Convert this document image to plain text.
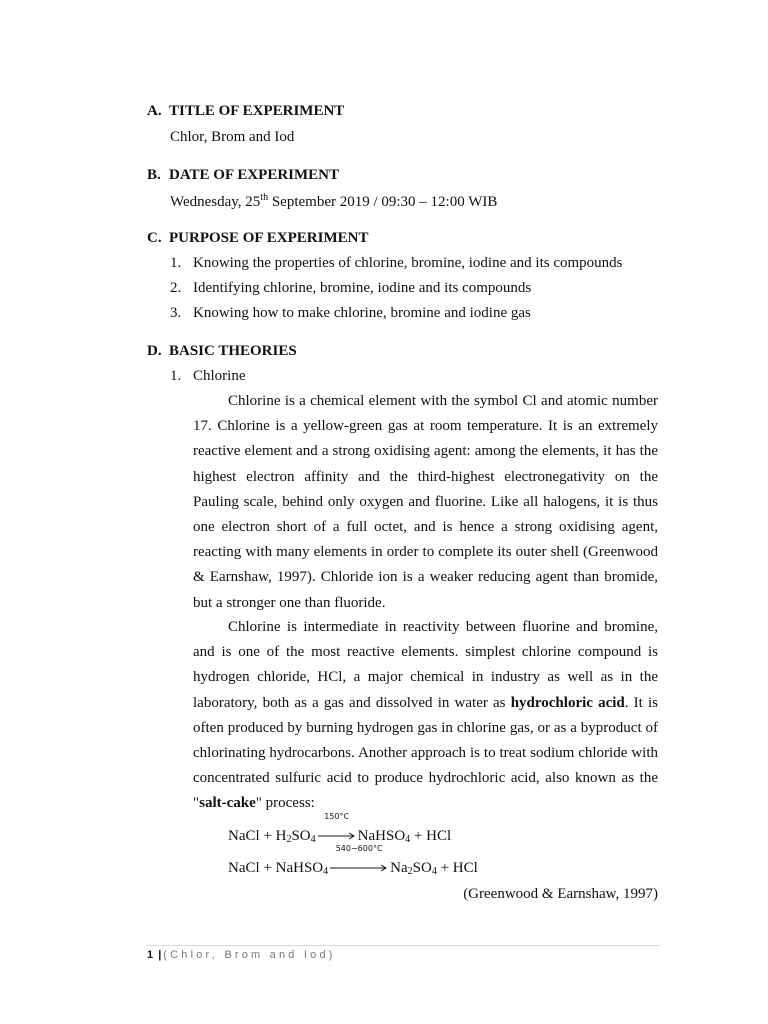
A. TITLE OF EXPERIMENT
Chlor, Brom and Iod
B. DATE OF EXPERIMENT
Wednesday, 25th September 2019 / 09:30 – 12:00 WIB
C. PURPOSE OF EXPERIMENT
1. Knowing the properties of chlorine, bromine, iodine and its compounds
2. Identifying chlorine, bromine, iodine and its compounds
3. Knowing how to make chlorine, bromine and iodine gas
D. BASIC THEORIES
1. Chlorine
Chlorine is a chemical element with the symbol Cl and atomic number 17. Chlorine is a yellow-green gas at room temperature. It is an extremely reactive element and a strong oxidising agent: among the elements, it has the highest electron affinity and the third-highest electronegativity on the Pauling scale, behind only oxygen and fluorine. Like all halogens, it is thus one electron short of a full octet, and is hence a strong oxidising agent, reacting with many elements in order to complete its outer shell (Greenwood & Earnshaw, 1997). Chloride ion is a weaker reducing agent than bromide, but a stronger one than fluoride.
Chlorine is intermediate in reactivity between fluorine and bromine, and is one of the most reactive elements. simplest chlorine compound is hydrogen chloride, HCl, a major chemical in industry as well as in the laboratory, both as a gas and dissolved in water as hydrochloric acid. It is often produced by burning hydrogen gas in chlorine gas, or as a byproduct of chlorinating hydrocarbons. Another approach is to treat sodium chloride with concentrated sulfuric acid to produce hydrochloric acid, also known as the "salt-cake" process:
NaCl + $H_2SO_4$
150°C
NaHSO$_4$ + HCl
NaCl + NaHSO$_4$
540−600°C
$Na_2SO_4$ + HCl
(Greenwood & Earnshaw, 1997)
1 | (Chlor, Brom and Iod)
